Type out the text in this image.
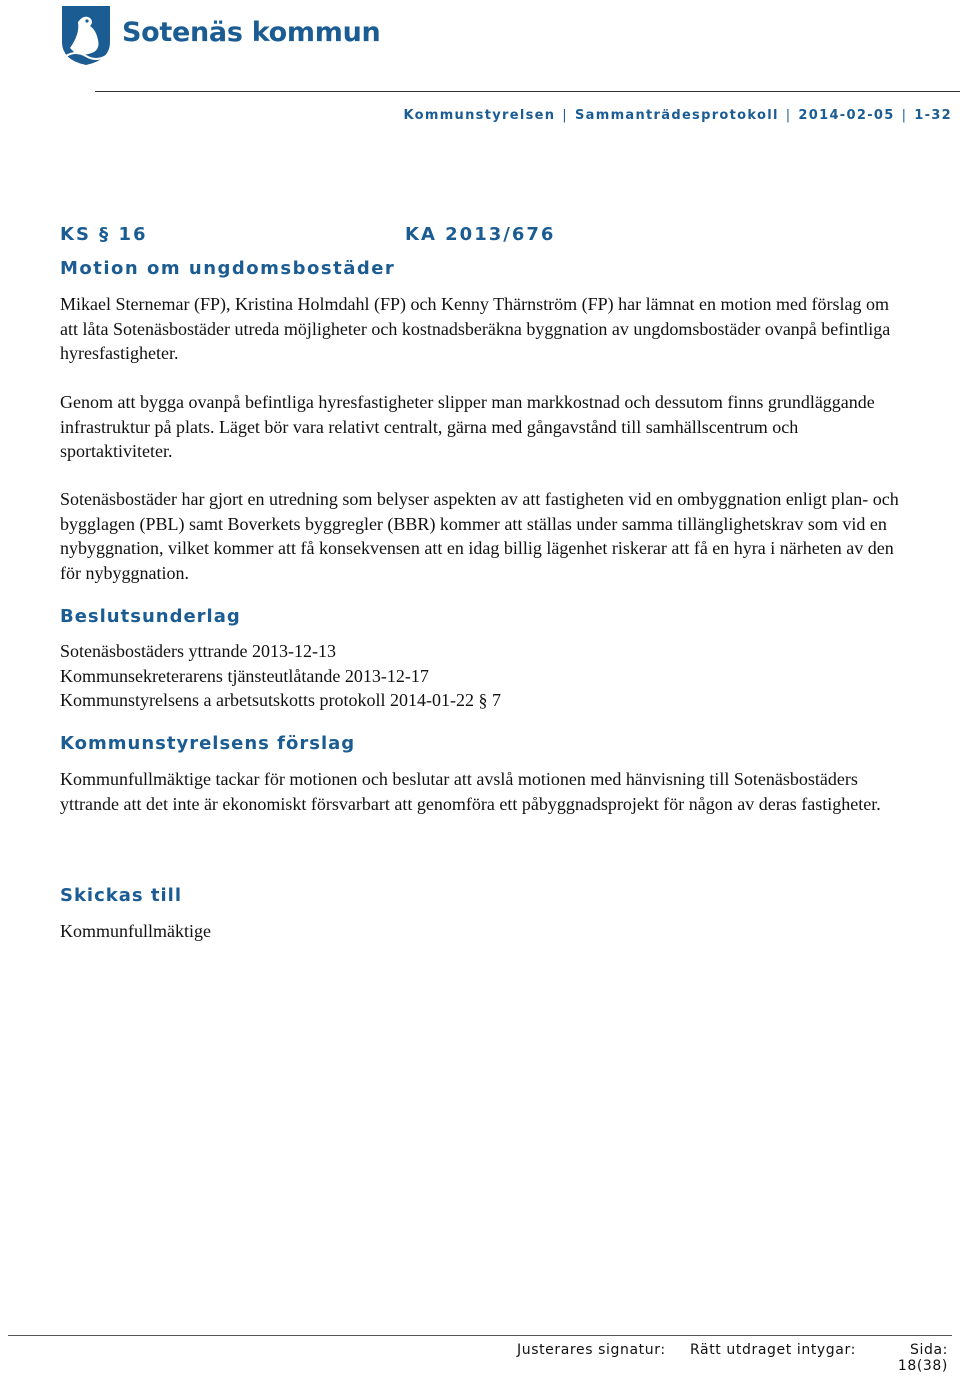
Sotenäs kommun
Kommunstyrelsen | Sammanträdesprotokoll | 2014-02-05 | 1-32
KS § 16	KA 2013/676
Motion om ungdomsbostäder

Mikael Sternemar (FP), Kristina Holmdahl (FP) och Kenny Thärnström (FP) har lämnat en motion med förslag om att låta Sotenäsbostäder utreda möjligheter och kostnadsberäkna byggnation av ungdomsbostäder ovanpå befintliga hyresfastigheter.

Genom att bygga ovanpå befintliga hyresfastigheter slipper man markkostnad och dessutom finns grundläggande infrastruktur på plats. Läget bör vara relativt centralt, gärna med gångavstånd till samhällscentrum och sportaktiviteter.

Sotenäsbostäder har gjort en utredning som belyser aspekten av att fastigheten vid en ombyggnation enligt plan- och bygglagen (PBL) samt Boverkets byggregler (BBR) kommer att ställas under samma tillänglighetskrav som vid en nybyggnation, vilket kommer att få konsekvensen att en idag billig lägenhet riskerar att få en hyra i närheten av den för nybyggnation.

Beslutsunderlag
Sotenäsbostäders yttrande 2013-12-13
Kommunsekreterarens tjänsteutlåtande 2013-12-17
Kommunstyrelsens a arbetsutskotts protokoll 2014-01-22 § 7
Kommunstyrelsens förslag

Kommunfullmäktige tackar för motionen och beslutar att avslå motionen med hänvisning till Sotenäsbostäders yttrande att det inte är ekonomiskt försvarbart att genomföra ett påbyggnadsprojekt för någon av deras fastigheter.

Skickas till

Kommunfullmäktige

Justerares signatur: Rätt utdraget intygar:	Sida:
18(38)
